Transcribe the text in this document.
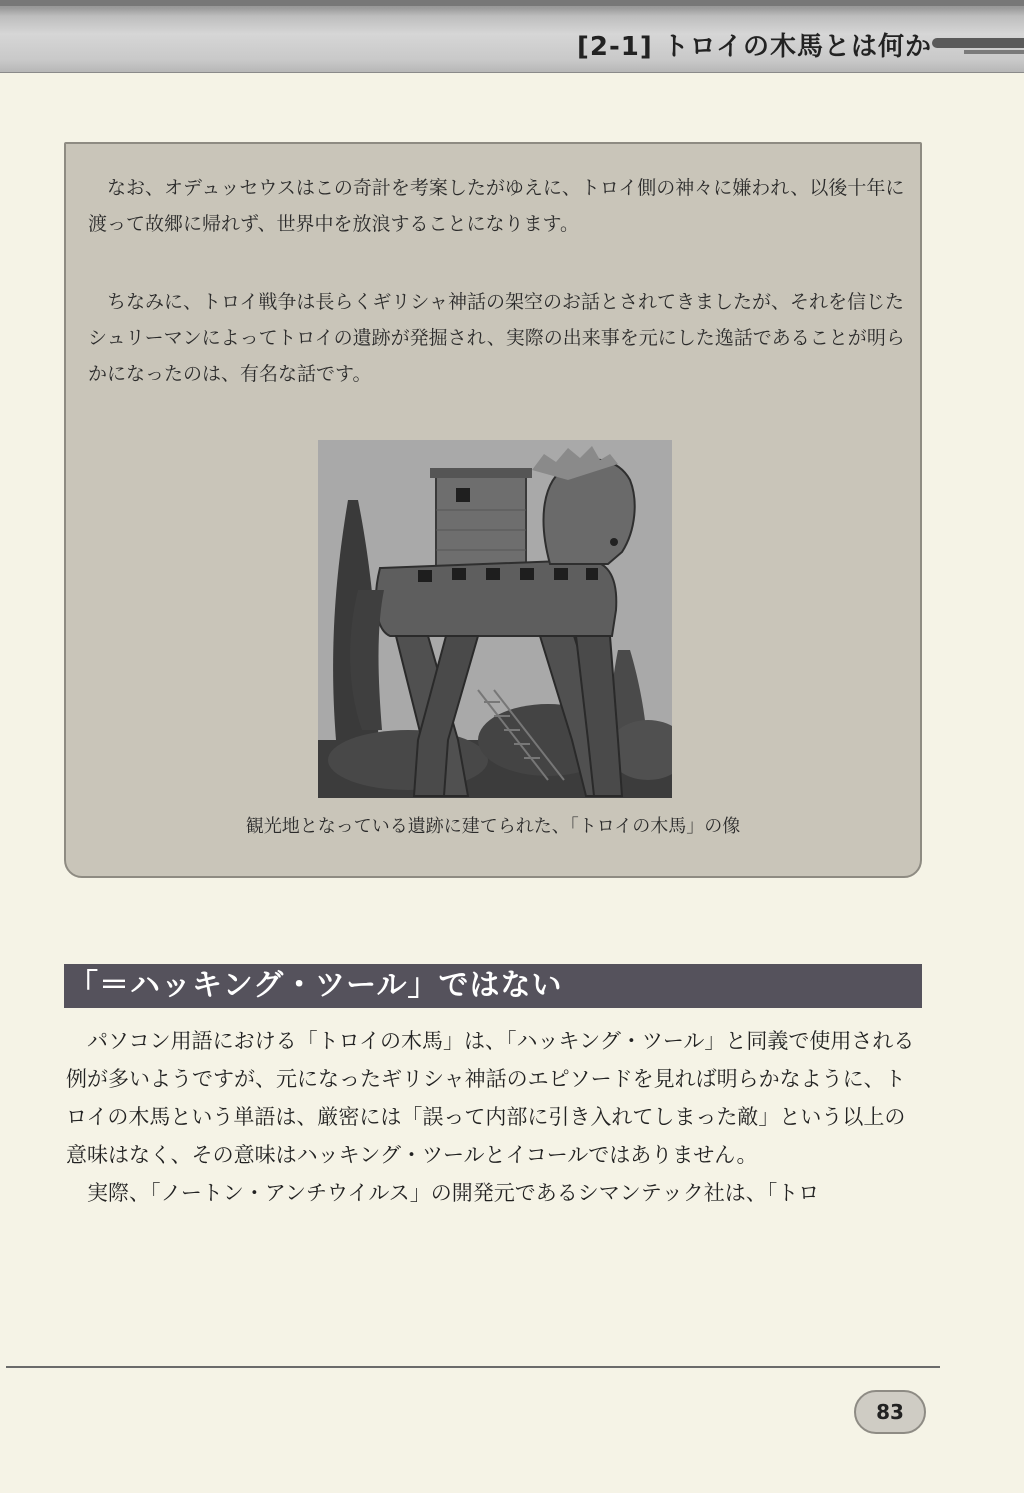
[2-1] トロイの木馬とは何か

なお、オデュッセウスはこの奇計を考案したがゆえに、トロイ側の神々に嫌われ、以後十年に渡って故郷に帰れず、世界中を放浪することになります。

ちなみに、トロイ戦争は長らくギリシャ神話の架空のお話とされてきましたが、それを信じたシュリーマンによってトロイの遺跡が発掘され、実際の出来事を元にした逸話であることが明らかになったのは、有名な話です。

観光地となっている遺跡に建てられた、「トロイの木馬」の像
「＝ハッキング・ツール」ではない

パソコン用語における「トロイの木馬」は、「ハッキング・ツール」と同義で使用される例が多いようですが、元になったギリシャ神話のエピソードを見れば明らかなように、トロイの木馬という単語は、厳密には「誤って内部に引き入れてしまった敵」という以上の意味はなく、その意味はハッキング・ツールとイコールではありません。

実際、「ノートン・アンチウイルス」の開発元であるシマンテック社は、「トロ

83
